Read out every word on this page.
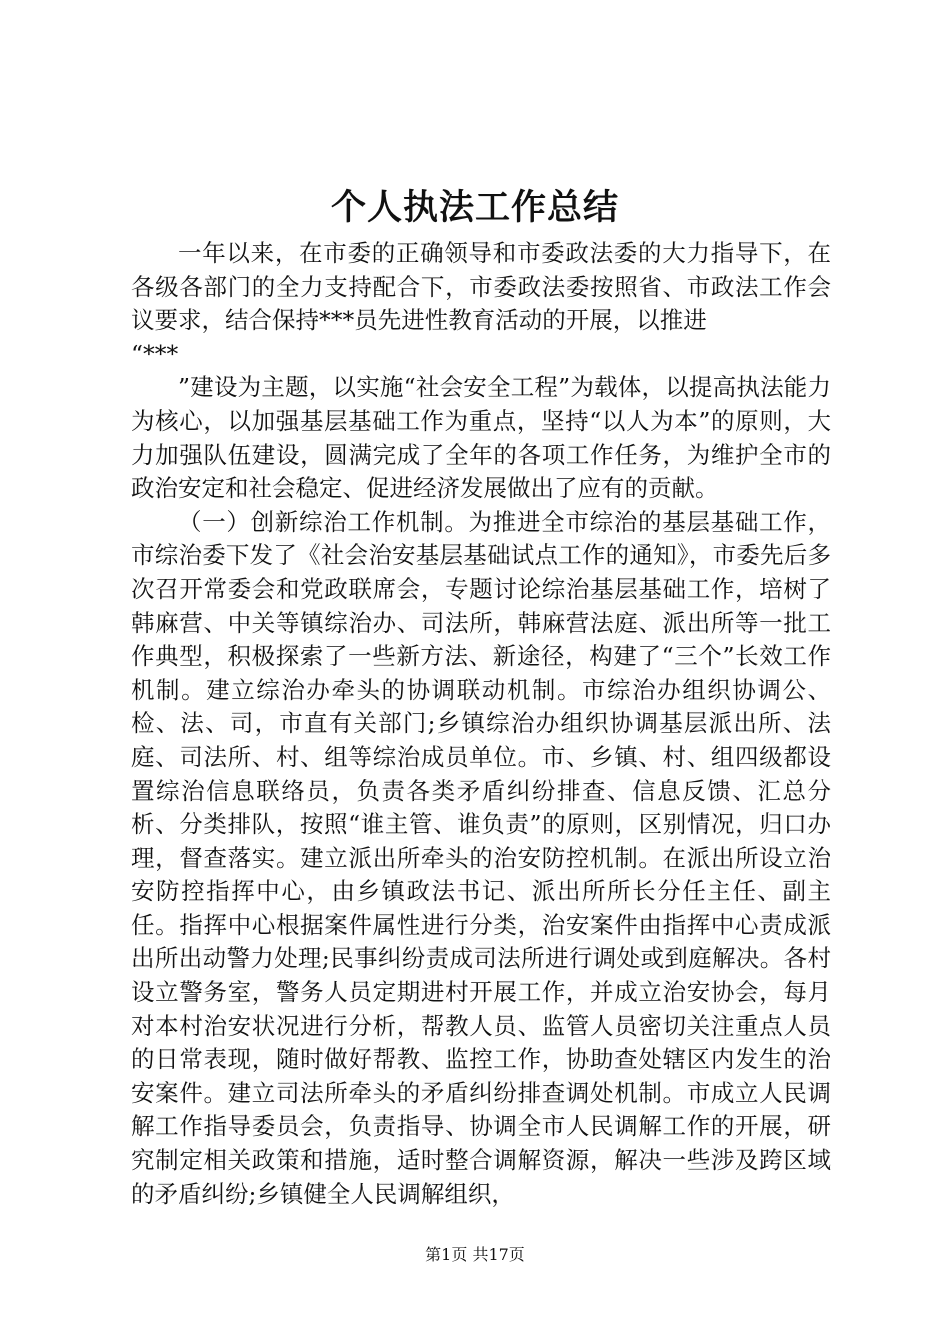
个人执法工作总结

一年以来，在市委的正确领导和市委政法委的大力指导下，在各级各部门的全力支持配合下，市委政法委按照省、市政法工作会议要求，结合保持***员先进性教育活动的开展，以推进

“***

”建设为主题，以实施“社会安全工程”为载体，以提高执法能力为核心，以加强基层基础工作为重点，坚持“以人为本”的原则，大力加强队伍建设，圆满完成了全年的各项工作任务，为维护全市的政治安定和社会稳定、促进经济发展做出了应有的贡献。

（一）创新综治工作机制。为推进全市综治的基层基础工作，市综治委下发了《社会治安基层基础试点工作的通知》，市委先后多次召开常委会和党政联席会，专题讨论综治基层基础工作，培树了韩麻营、中关等镇综治办、司法所，韩麻营法庭、派出所等一批工作典型，积极探索了一些新方法、新途径，构建了“三个”长效工作机制。建立综治办牵头的协调联动机制。市综治办组织协调公、检、法、司，市直有关部门;乡镇综治办组织协调基层派出所、法庭、司法所、村、组等综治成员单位。市、乡镇、村、组四级都设置综治信息联络员，负责各类矛盾纠纷排查、信息反馈、汇总分析、分类排队，按照“谁主管、谁负责”的原则，区别情况，归口办理，督查落实。建立派出所牵头的治安防控机制。在派出所设立治安防控指挥中心，由乡镇政法书记、派出所所长分任主任、副主任。指挥中心根据案件属性进行分类，治安案件由指挥中心责成派出所出动警力处理;民事纠纷责成司法所进行调处或到庭解决。各村设立警务室，警务人员定期进村开展工作，并成立治安协会，每月对本村治安状况进行分析，帮教人员、监管人员密切关注重点人员的日常表现，随时做好帮教、监控工作，协助查处辖区内发生的治安案件。建立司法所牵头的矛盾纠纷排查调处机制。市成立人民调解工作指导委员会，负责指导、协调全市人民调解工作的开展，研究制定相关政策和措施，适时整合调解资源，解决一些涉及跨区域的矛盾纠纷;乡镇健全人民调解组织，

第1页 共17页
